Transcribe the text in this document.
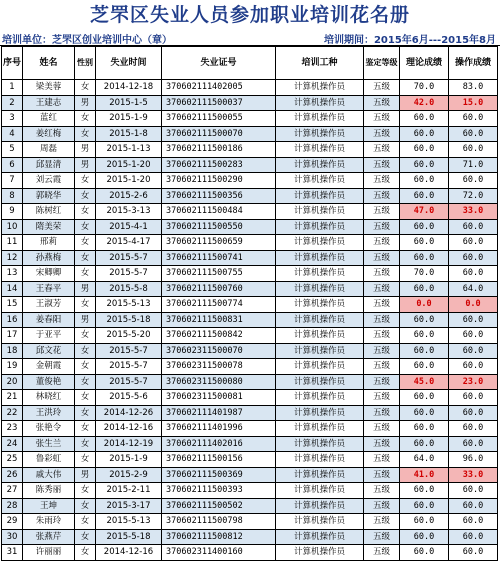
芝罘区失业人员参加职业培训花名册
培训单位：芝罘区创业培训中心（章）	培训期间：2015年6月---2015年8月
序号	姓名	性别	失业时间	失业证号	培训工种	鉴定等级	理论成绩	操作成绩
1	梁美蓉	女	2014-12-18	370602111402005	计算机操作员	五级	70.0	83.0
2	王建志	男	2015-1-5	370602111500037	计算机操作员	五级	42.0	15.0
3	蓝红	女	2015-1-9	370602111500055	计算机操作员	五级	60.0	60.0
4	姜红梅	女	2015-1-8	370602111500070	计算机操作员	五级	60.0	60.0
5	周磊	男	2015-1-13	370602111500186	计算机操作员	五级	60.0	60.0
6	邱显清	男	2015-1-20	370602111500283	计算机操作员	五级	60.0	71.0
7	刘云霞	女	2015-1-20	370602111500290	计算机操作员	五级	60.0	60.0
8	郭晓华	女	2015-2-6	370602111500356	计算机操作员	五级	60.0	72.0
9	陈树红	女	2015-3-13	370602111500484	计算机操作员	五级	47.0	33.0
10	隋美荣	女	2015-4-1	370602111500550	计算机操作员	五级	60.0	60.0
11	邢莉	女	2015-4-17	370602111500659	计算机操作员	五级	60.0	60.0
12	孙燕梅	女	2015-5-7	370602111500741	计算机操作员	五级	60.0	60.0
13	宋卿卿	女	2015-5-7	370602111500755	计算机操作员	五级	70.0	60.0
14	王春平	男	2015-5-8	370602111500760	计算机操作员	五级	60.0	64.0
15	王淑芳	女	2015-5-13	370602111500774	计算机操作员	五级	0.0	0.0
16	姜春阳	男	2015-5-18	370602111500831	计算机操作员	五级	60.0	60.0
17	于亚平	女	2015-5-20	370602111500842	计算机操作员	五级	60.0	60.0
18	邱文花	女	2015-5-7	370602311500070	计算机操作员	五级	60.0	60.0
19	金朝霞	女	2015-5-7	370602311500078	计算机操作员	五级	60.0	60.0
20	董俊艳	女	2015-5-7	370602311500080	计算机操作员	五级	45.0	23.0
21	林晓红	女	2015-5-6	370602311500081	计算机操作员	五级	60.0	60.0
22	王洪玲	女	2014-12-26	370602111401987	计算机操作员	五级	60.0	60.0
23	张艳令	女	2014-12-16	370602111401996	计算机操作员	五级	60.0	60.0
24	张生兰	女	2014-12-19	370602111402016	计算机操作员	五级	60.0	60.0
25	鲁彩虹	女	2015-1-9	370602111500156	计算机操作员	五级	64.0	96.0
26	戚大伟	男	2015-2-9	370602111500369	计算机操作员	五级	41.0	33.0
27	陈秀丽	女	2015-2-11	370602111500393	计算机操作员	五级	60.0	60.0
28	王坤	女	2015-3-17	370602111500502	计算机操作员	五级	60.0	60.0
29	朱雨玲	女	2015-5-13	370602111500798	计算机操作员	五级	60.0	60.0
30	张燕芹	女	2015-5-18	370602111500812	计算机操作员	五级	60.0	60.0
31	许丽丽	女	2014-12-16	370602311400160	计算机操作员	五级	60.0	60.0
